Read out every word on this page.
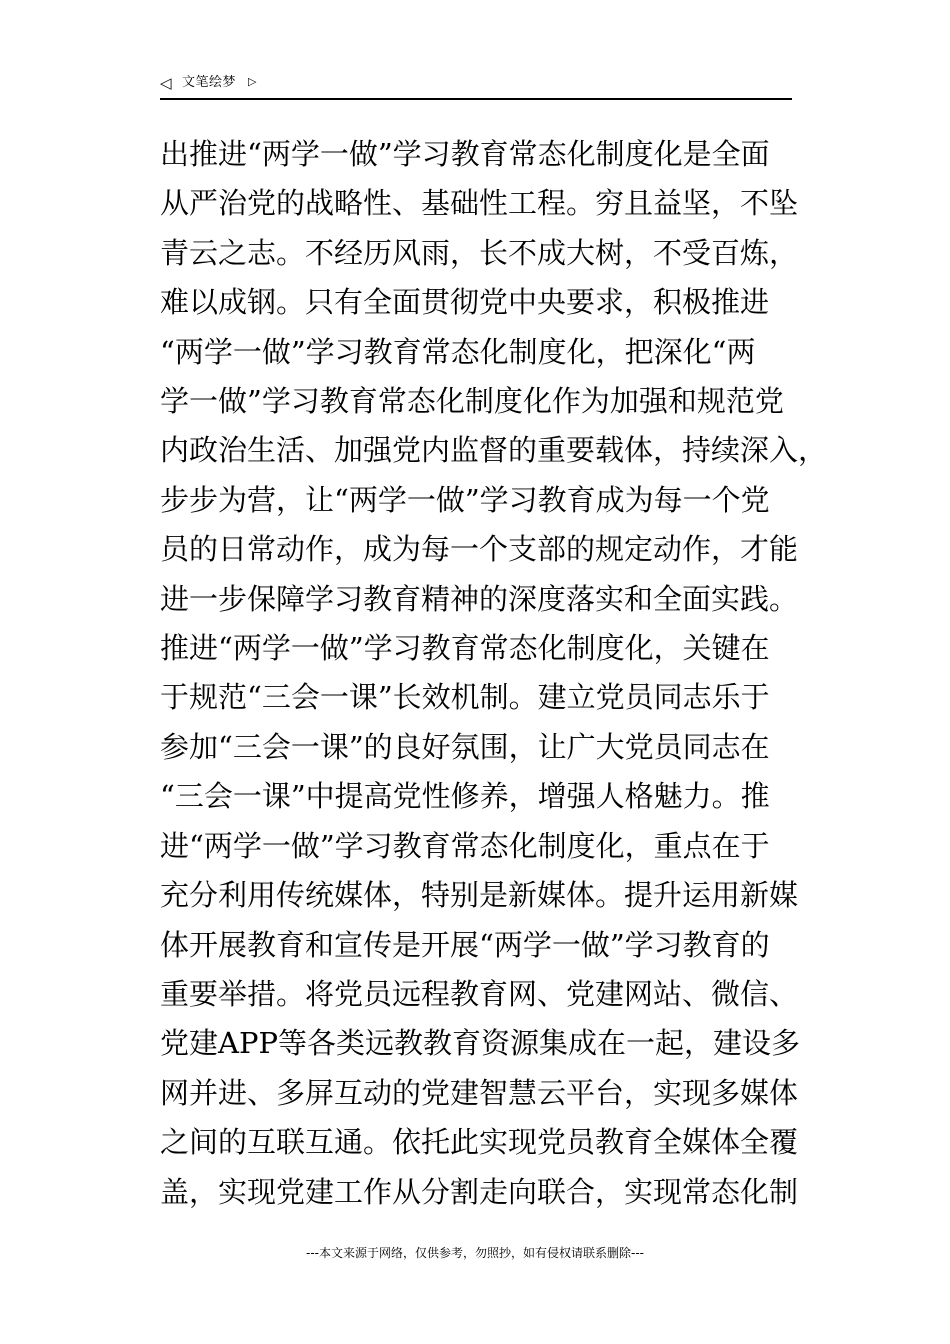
◁ 文笔绘梦 ▷

出推进“两学一做”学习教育常态化制度化是全面
从严治党的战略性、基础性工程。穷且益坚，不坠
青云之志。不经历风雨，长不成大树，不受百炼，
难以成钢。只有全面贯彻党中央要求，积极推进
“两学一做”学习教育常态化制度化，把深化“两
学一做”学习教育常态化制度化作为加强和规范党
内政治生活、加强党内监督的重要载体，持续深入，
步步为营，让“两学一做”学习教育成为每一个党
员的日常动作，成为每一个支部的规定动作，才能
进一步保障学习教育精神的深度落实和全面实践。
推进“两学一做”学习教育常态化制度化，关键在
于规范“三会一课”长效机制。建立党员同志乐于
参加“三会一课”的良好氛围，让广大党员同志在
“三会一课”中提高党性修养，增强人格魅力。推
进“两学一做”学习教育常态化制度化，重点在于
充分利用传统媒体，特别是新媒体。提升运用新媒
体开展教育和宣传是开展“两学一做”学习教育的
重要举措。将党员远程教育网、党建网站、微信、
党建APP等各类远教教育资源集成在一起，建设多
网并进、多屏互动的党建智慧云平台，实现多媒体
之间的互联互通。依托此实现党员教育全媒体全覆
盖，实现党建工作从分割走向联合，实现常态化制

---本文来源于网络，仅供参考，勿照抄，如有侵权请联系删除---
